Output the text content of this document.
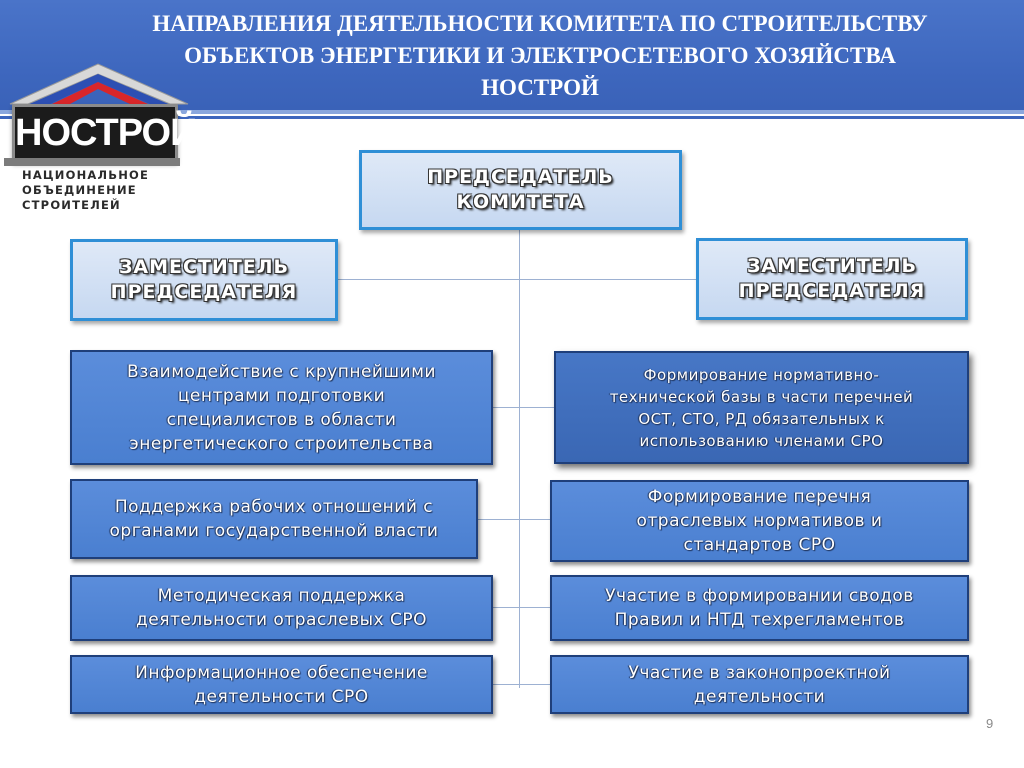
НАПРАВЛЕНИЯ ДЕЯТЕЛЬНОСТИ КОМИТЕТА ПО СТРОИТЕЛЬСТВУ
ОБЪЕКТОВ ЭНЕРГЕТИКИ И ЭЛЕКТРОСЕТЕВОГО ХОЗЯЙСТВА
НОСТРОЙ
НОСТРОЙ
НАЦИОНАЛЬНОЕ
ОБЪЕДИНЕНИЕ
СТРОИТЕЛЕЙ
ПРЕДСЕДАТЕЛЬ
КОМИТЕТА
ЗАМЕСТИТЕЛЬ
ПРЕДСЕДАТЕЛЯ
ЗАМЕСТИТЕЛЬ
ПРЕДСЕДАТЕЛЯ
Взаимодействие с крупнейшими
центрами подготовки
специалистов в области
энергетического строительства
Поддержка рабочих отношений с
органами государственной власти
Методическая поддержка
деятельности отраслевых СРО
Информационное обеспечение
деятельности СРО
Формирование нормативно-
технической базы в части перечней
ОСТ, СТО, РД обязательных к
использованию членами СРО
Формирование перечня
отраслевых нормативов и
стандартов СРО
Участие в формировании сводов
Правил и НТД техрегламентов
Участие в законопроектной
деятельности
9
